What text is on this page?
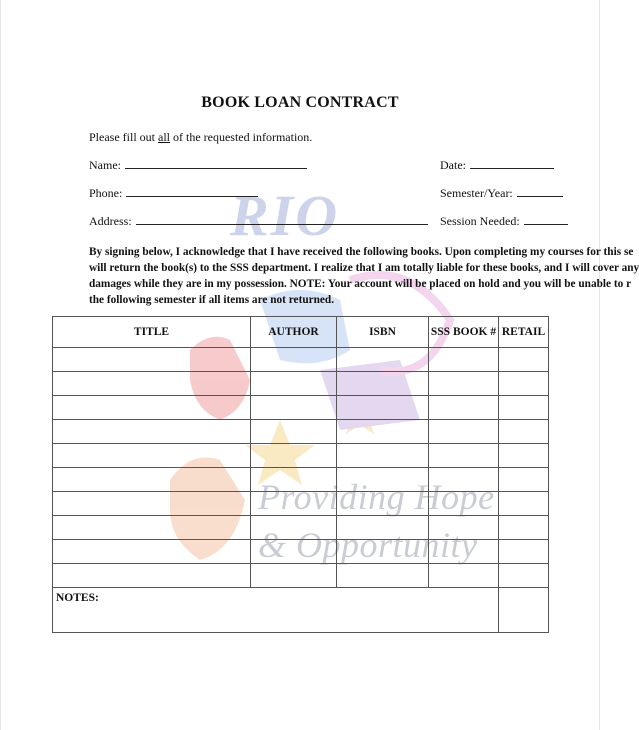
RIO
Providing Hope
& Opportunity
BOOK LOAN CONTRACT
Please fill out all of the requested information.
Name:	Date:
Phone:	Semester/Year:
Address:	Session Needed:
By signing below, I acknowledge that I have received the following books. Upon completing my courses for this se
will return the book(s) to the SSS department. I realize that I am totally liable for these books, and I will cover any
damages while they are in my possession. NOTE: Your account will be placed on hold and you will be unable to r
the following semester if all items are not returned.
TITLE	AUTHOR	ISBN	SSS BOOK #	RETAIL

NOTES:				
